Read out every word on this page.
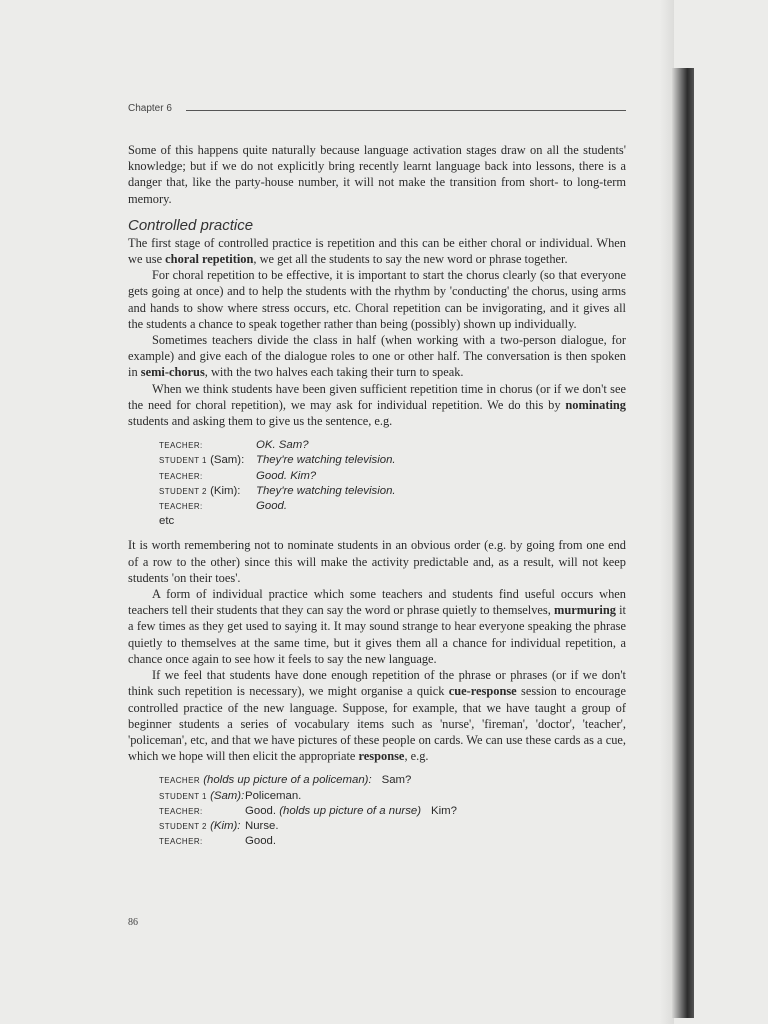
Chapter 6

Some of this happens quite naturally because language activation stages draw on all the students' knowledge; but if we do not explicitly bring recently learnt language back into lessons, there is a danger that, like the party-house number, it will not make the transition from short- to long-term memory.

Controlled practice

The first stage of controlled practice is repetition and this can be either choral or individual. When we use choral repetition, we get all the students to say the new word or phrase together.

For choral repetition to be effective, it is important to start the chorus clearly (so that everyone gets going at once) and to help the students with the rhythm by 'conducting' the chorus, using arms and hands to show where stress occurs, etc. Choral repetition can be invigorating, and it gives all the students a chance to speak together rather than being (possibly) shown up individually.

Sometimes teachers divide the class in half (when working with a two-person dialogue, for example) and give each of the dialogue roles to one or other half. The conversation is then spoken in semi-chorus, with the two halves each taking their turn to speak.

When we think students have been given sufficient repetition time in chorus (or if we don't see the need for choral repetition), we may ask for individual repetition. We do this by nominating students and asking them to give us the sentence, e.g.

TEACHER:	OK. Sam?
STUDENT 1 (Sam):	They're watching television.
TEACHER:	Good. Kim?
STUDENT 2 (Kim):	They're watching television.
TEACHER:	Good.
etc

It is worth remembering not to nominate students in an obvious order (e.g. by going from one end of a row to the other) since this will make the activity predictable and, as a result, will not keep students 'on their toes'.

A form of individual practice which some teachers and students find useful occurs when teachers tell their students that they can say the word or phrase quietly to themselves, murmuring it a few times as they get used to saying it. It may sound strange to hear everyone speaking the phrase quietly to themselves at the same time, but it gives them all a chance for individual repetition, a chance once again to see how it feels to say the new language.

If we feel that students have done enough repetition of the phrase or phrases (or if we don't think such repetition is necessary), we might organise a quick cue-response session to encourage controlled practice of the new language. Suppose, for example, that we have taught a group of beginner students a series of vocabulary items such as 'nurse', 'fireman', 'doctor', 'teacher', 'policeman', etc, and that we have pictures of these people on cards. We can use these cards as a cue, which we hope will then elicit the appropriate response, e.g.

TEACHER (holds up picture of a policeman): Sam?
STUDENT 1 (Sam): Policeman.
TEACHER:	Good. (holds up picture of a nurse) Kim?
STUDENT 2 (Kim): Nurse.
TEACHER:	Good.
86
